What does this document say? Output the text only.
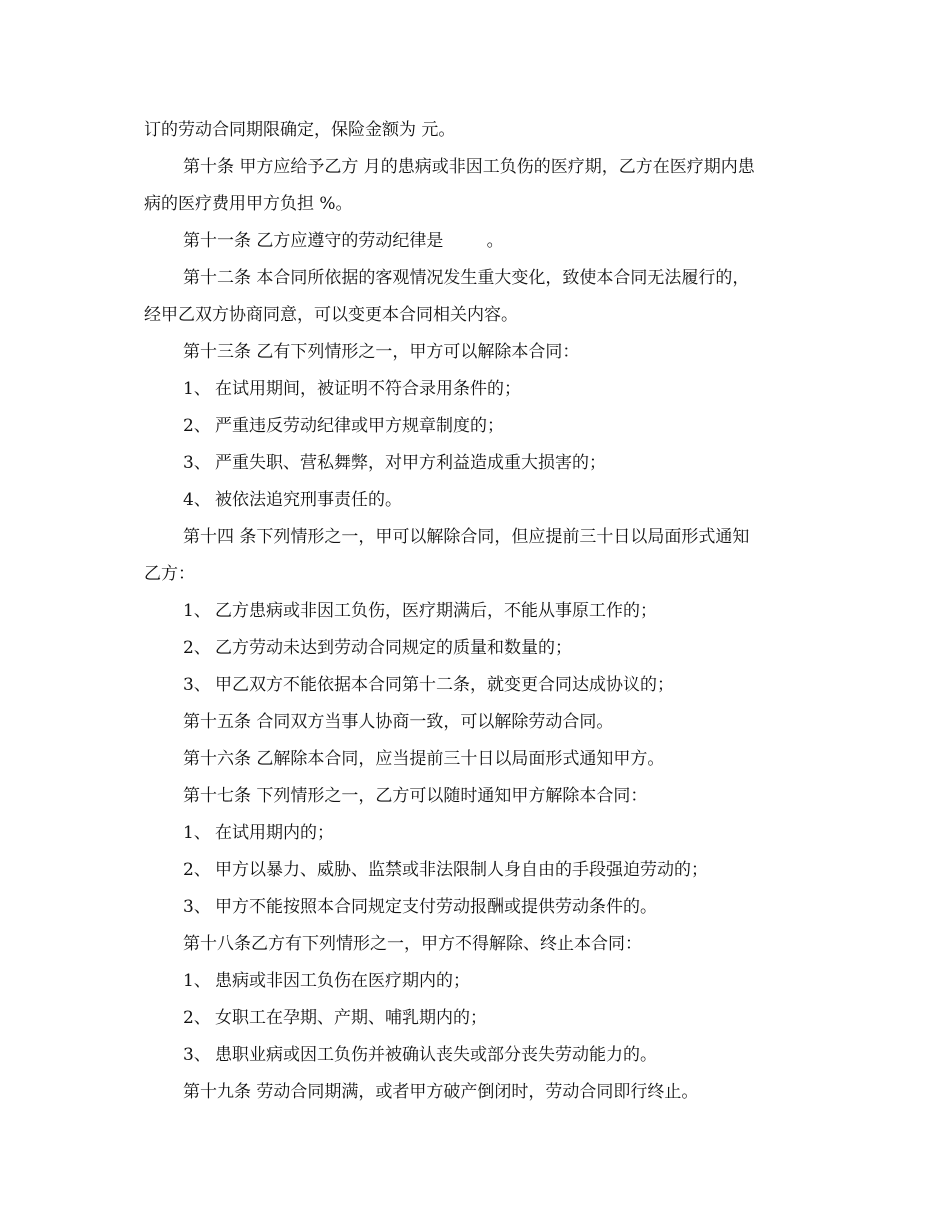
订的劳动合同期限确定，保险金额为 元。
第十条 甲方应给予乙方 月的患病或非因工负伤的医疗期，乙方在医疗期内患
病的医疗费用甲方负担 %。
第十一条 乙方应遵守的劳动纪律是        。
第十二条 本合同所依据的客观情况发生重大变化，致使本合同无法履行的，
经甲乙双方协商同意，可以变更本合同相关内容。
第十三条 乙有下列情形之一，甲方可以解除本合同：
1、 在试用期间，被证明不符合录用条件的；
2、 严重违反劳动纪律或甲方规章制度的；
3、 严重失职、营私舞弊，对甲方利益造成重大损害的；
4、 被依法追究刑事责任的。
第十四 条下列情形之一，甲可以解除合同，但应提前三十日以局面形式通知
乙方：
1、 乙方患病或非因工负伤，医疗期满后，不能从事原工作的；
2、 乙方劳动未达到劳动合同规定的质量和数量的；
3、 甲乙双方不能依据本合同第十二条，就变更合同达成协议的；
第十五条 合同双方当事人协商一致，可以解除劳动合同。
第十六条 乙解除本合同，应当提前三十日以局面形式通知甲方。
第十七条 下列情形之一，乙方可以随时通知甲方解除本合同：
1、 在试用期内的；
2、 甲方以暴力、威胁、监禁或非法限制人身自由的手段强迫劳动的；
3、 甲方不能按照本合同规定支付劳动报酬或提供劳动条件的。
第十八条乙方有下列情形之一，甲方不得解除、终止本合同：
1、 患病或非因工负伤在医疗期内的；
2、 女职工在孕期、产期、哺乳期内的；
3、 患职业病或因工负伤并被确认丧失或部分丧失劳动能力的。
第十九条 劳动合同期满，或者甲方破产倒闭时，劳动合同即行终止。
